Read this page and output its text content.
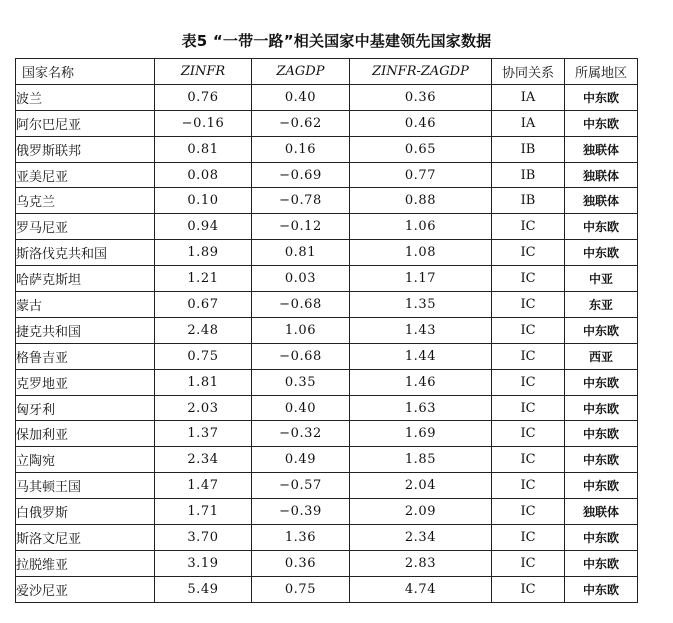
表5 “一带一路”相关国家中基建领先国家数据
国家名称	ZINFR	ZAGDP	ZINFR-ZAGDP	协同关系	所属地区
波兰	0.76	0.40	0.36	IA	中东欧
阿尔巴尼亚	−0.16	−0.62	0.46	IA	中东欧
俄罗斯联邦	0.81	0.16	0.65	IB	独联体
亚美尼亚	0.08	−0.69	0.77	IB	独联体
乌克兰	0.10	−0.78	0.88	IB	独联体
罗马尼亚	0.94	−0.12	1.06	IC	中东欧
斯洛伐克共和国	1.89	0.81	1.08	IC	中东欧
哈萨克斯坦	1.21	0.03	1.17	IC	中亚
蒙古	0.67	−0.68	1.35	IC	东亚
捷克共和国	2.48	1.06	1.43	IC	中东欧
格鲁吉亚	0.75	−0.68	1.44	IC	西亚
克罗地亚	1.81	0.35	1.46	IC	中东欧
匈牙利	2.03	0.40	1.63	IC	中东欧
保加利亚	1.37	−0.32	1.69	IC	中东欧
立陶宛	2.34	0.49	1.85	IC	中东欧
马其顿王国	1.47	−0.57	2.04	IC	中东欧
白俄罗斯	1.71	−0.39	2.09	IC	独联体
斯洛文尼亚	3.70	1.36	2.34	IC	中东欧
拉脱维亚	3.19	0.36	2.83	IC	中东欧
爱沙尼亚	5.49	0.75	4.74	IC	中东欧
